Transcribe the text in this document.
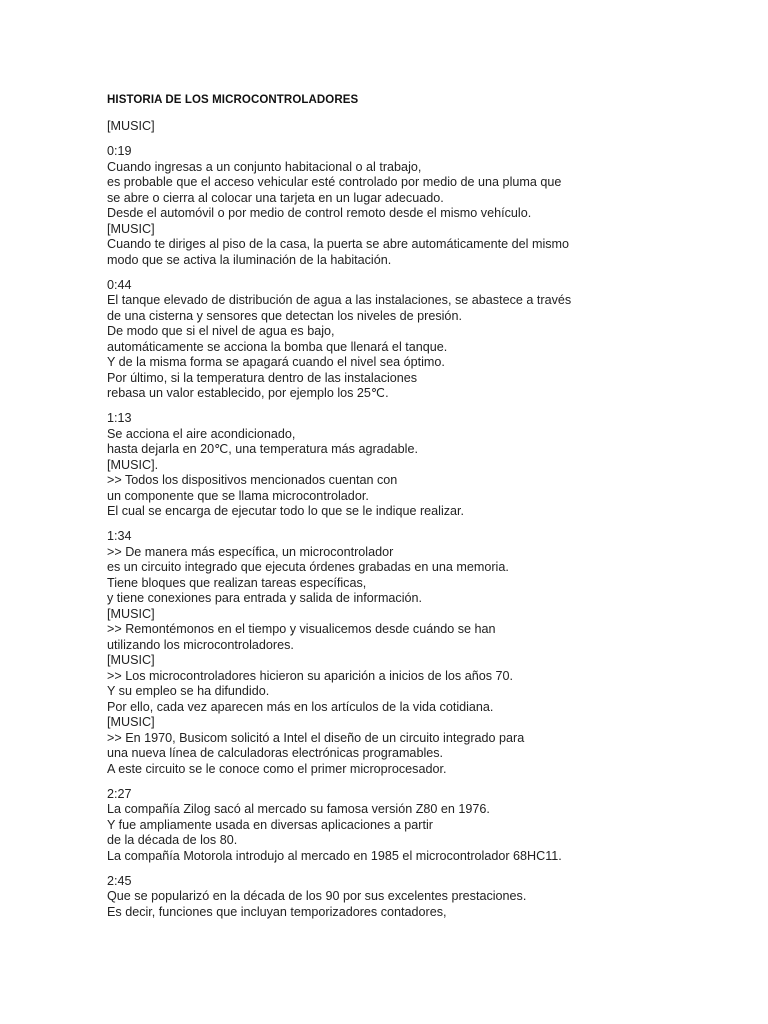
HISTORIA DE LOS MICROCONTROLADORES
[MUSIC]
0:19
Cuando ingresas a un conjunto habitacional o al trabajo,
es probable que el acceso vehicular esté controlado por medio de una pluma que
se abre o cierra al colocar una tarjeta en un lugar adecuado.
Desde el automóvil o por medio de control remoto desde el mismo vehículo.
[MUSIC]
Cuando te diriges al piso de la casa, la puerta se abre automáticamente del mismo
modo que se activa la iluminación de la habitación.
0:44
El tanque elevado de distribución de agua a las instalaciones, se abastece a través
de una cisterna y sensores que detectan los niveles de presión.
De modo que si el nivel de agua es bajo,
automáticamente se acciona la bomba que llenará el tanque.
Y de la misma forma se apagará cuando el nivel sea óptimo.
Por último, si la temperatura dentro de las instalaciones
rebasa un valor establecido, por ejemplo los 25℃.
1:13
Se acciona el aire acondicionado,
hasta dejarla en 20℃, una temperatura más agradable.
[MUSIC].
>> Todos los dispositivos mencionados cuentan con
un componente que se llama microcontrolador.
El cual se encarga de ejecutar todo lo que se le indique realizar.
1:34
>> De manera más específica, un microcontrolador
es un circuito integrado que ejecuta órdenes grabadas en una memoria.
Tiene bloques que realizan tareas específicas,
y tiene conexiones para entrada y salida de información.
[MUSIC]
>> Remontémonos en el tiempo y visualicemos desde cuándo se han
utilizando los microcontroladores.
[MUSIC]
>> Los microcontroladores hicieron su aparición a inicios de los años 70.
Y su empleo se ha difundido.
Por ello, cada vez aparecen más en los artículos de la vida cotidiana.
[MUSIC]
>> En 1970, Busicom solicitó a Intel el diseño de un circuito integrado para
una nueva línea de calculadoras electrónicas programables.
A este circuito se le conoce como el primer microprocesador.
2:27
La compañía Zilog sacó al mercado su famosa versión Z80 en 1976.
Y fue ampliamente usada en diversas aplicaciones a partir
de la década de los 80.
La compañía Motorola introdujo al mercado en 1985 el microcontrolador 68HC11.
2:45
Que se popularizó en la década de los 90 por sus excelentes prestaciones.
Es decir, funciones que incluyan temporizadores contadores,
